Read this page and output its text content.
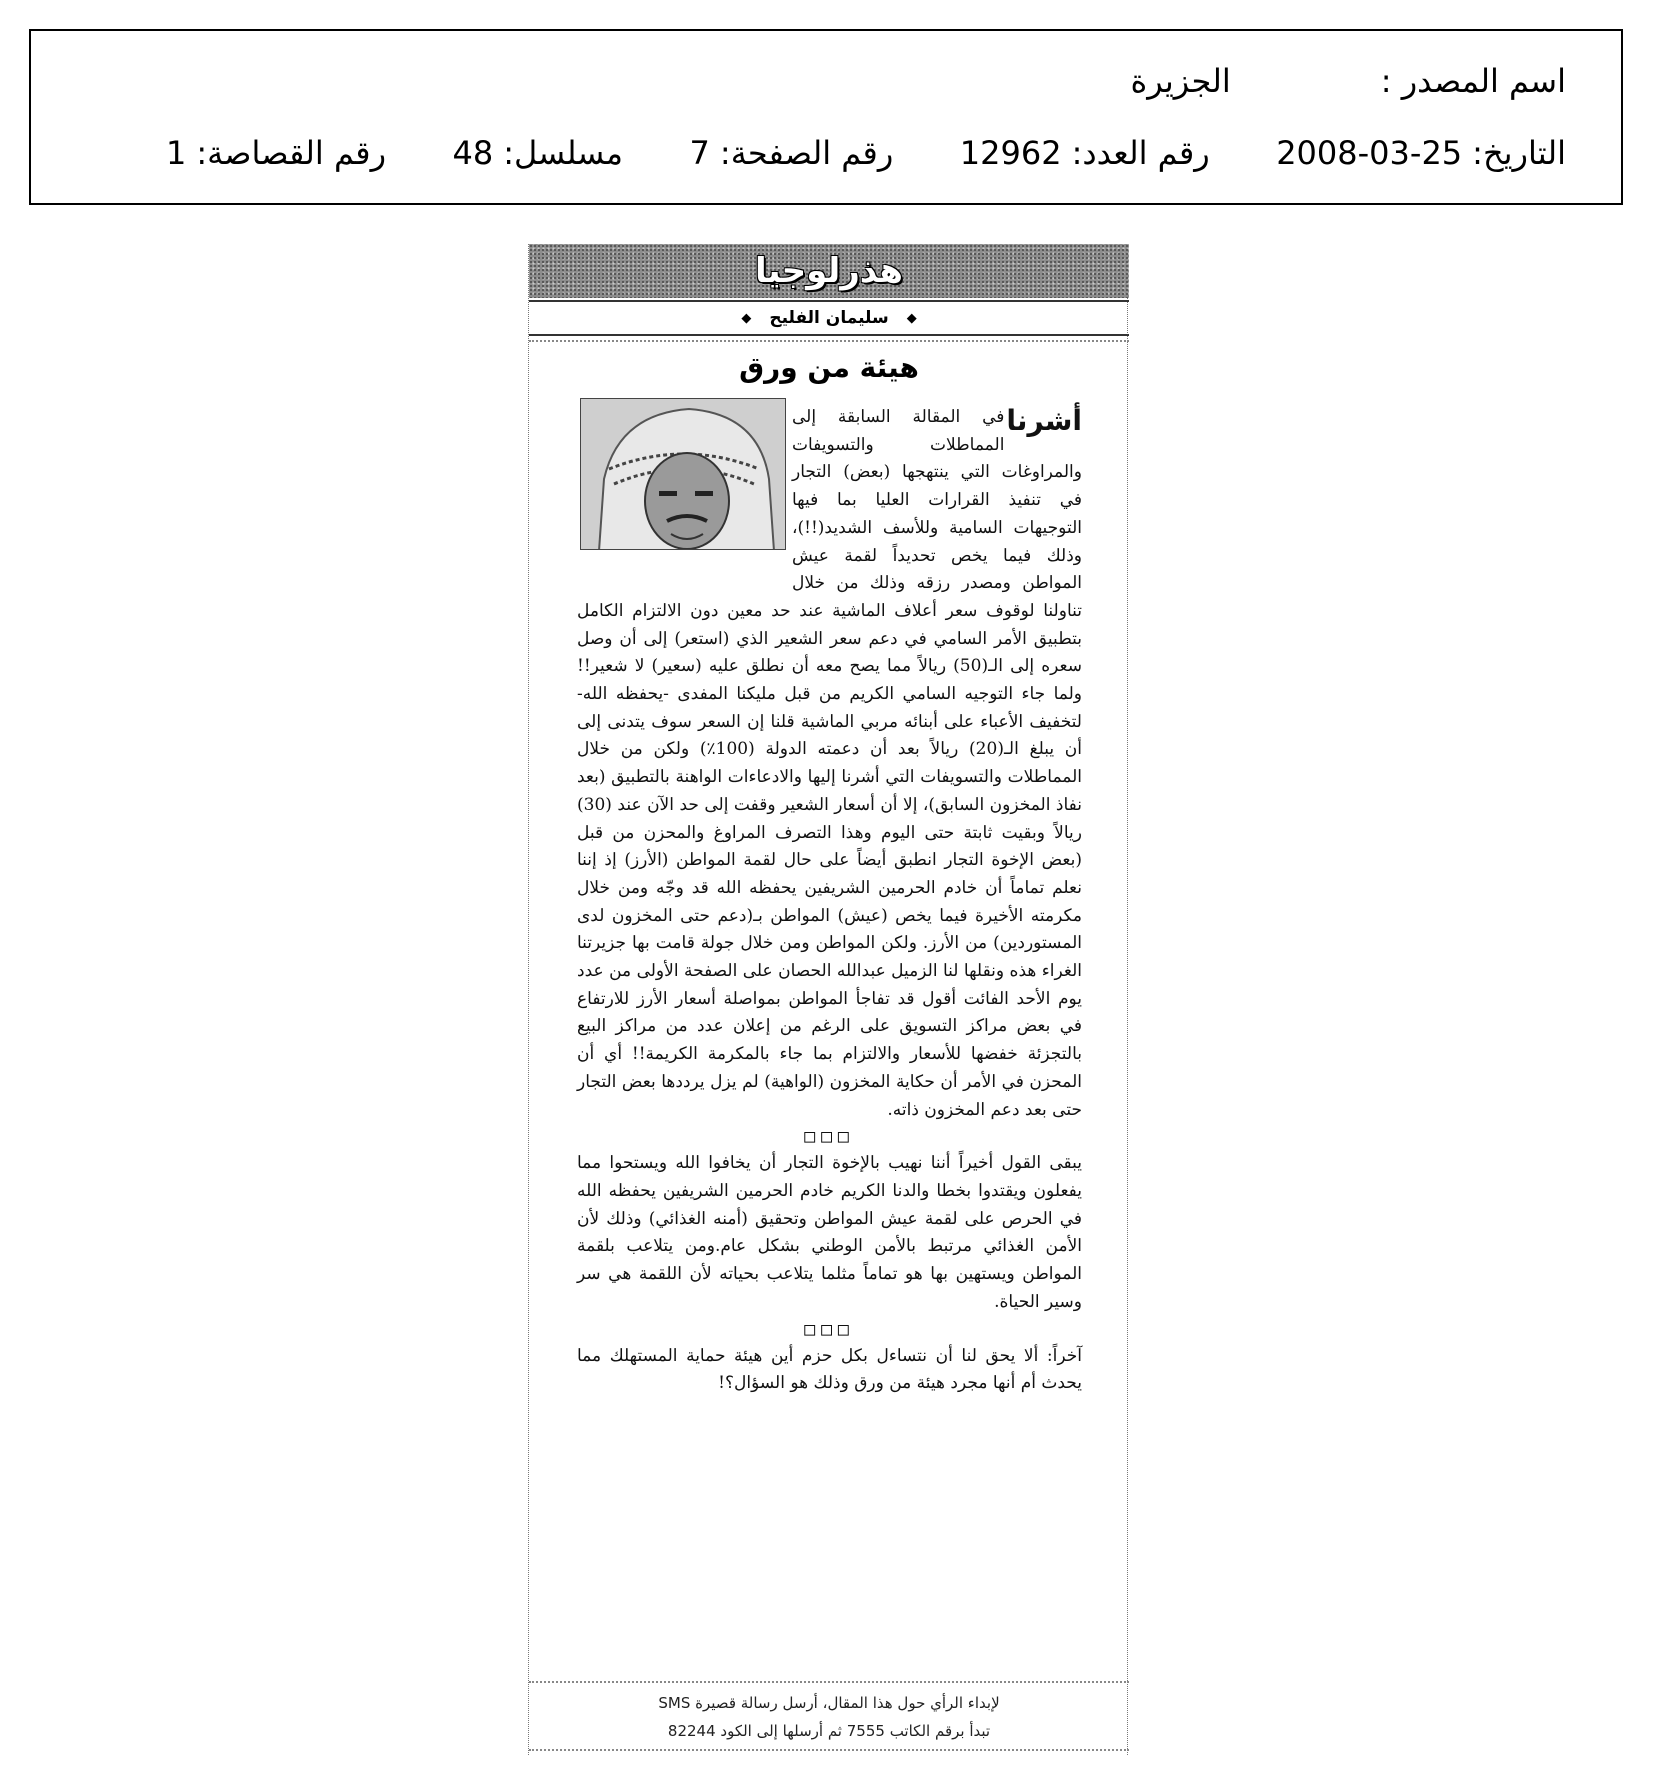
اسم المصدر :
الجزيرة
التاريخ:
2008-03-25
رقم العدد:
12962
رقم الصفحة:
7
مسلسل:
48
رقم القصاصة:
1
هذرلوجيا
◆
سليمان الفليح
◆
هيئة من ورق
أشرنا

في المقالة السابقة إلى المماطلات والتسويفات والمراوغات التي ينتهجها (بعض) التجار في تنفيذ القرارات العليا بما فيها التوجيهات السامية وللأسف الشديد(!!)، وذلك فيما يخص تحديداً لقمة عيش المواطن ومصدر رزقه وذلك من خلال تناولنا لوقوف سعر أعلاف الماشية عند حد معين دون الالتزام الكامل بتطبيق الأمر السامي في دعم سعر الشعير الذي (استعر) إلى أن وصل سعره إلى الـ(50) ريالاً مما يصح معه أن نطلق عليه (سعير) لا شعير!! ولما جاء التوجيه السامي الكريم من قبل مليكنا المفدى -يحفظه الله- لتخفيف الأعباء على أبنائه مربي الماشية قلنا إن السعر سوف يتدنى إلى أن يبلغ الـ(20) ريالاً بعد أن دعمته الدولة (100٪) ولكن من خلال المماطلات والتسويفات التي أشرنا إليها والادعاءات الواهنة بالتطبيق (بعد نفاذ المخزون السابق)، إلا أن أسعار الشعير وقفت إلى حد الآن عند (30) ريالاً وبقيت ثابتة حتى اليوم وهذا التصرف المراوغ والمحزن من قبل (بعض الإخوة التجار انطبق أيضاً على حال لقمة المواطن (الأرز) إذ إننا نعلم تماماً أن خادم الحرمين الشريفين يحفظه الله قد وجّه ومن خلال مكرمته الأخيرة فيما يخص (عيش) المواطن بـ(دعم حتى المخزون لدى المستوردين) من الأرز. ولكن المواطن ومن خلال جولة قامت بها جزيرتنا الغراء هذه ونقلها لنا الزميل عبدالله الحصان على الصفحة الأولى من عدد يوم الأحد الفائت أقول قد تفاجأ المواطن بمواصلة أسعار الأرز للارتفاع في بعض مراكز التسويق على الرغم من إعلان عدد من مراكز البيع بالتجزئة خفضها للأسعار والالتزام بما جاء بالمكرمة الكريمة!! أي أن المحزن في الأمر أن حكاية المخزون (الواهية) لم يزل يرددها بعض التجار حتى بعد دعم المخزون ذاته.

□□□

يبقى القول أخيراً أننا نهيب بالإخوة التجار أن يخافوا الله ويستحوا مما يفعلون ويقتدوا بخطا والدنا الكريم خادم الحرمين الشريفين يحفظه الله في الحرص على لقمة عيش المواطن وتحقيق (أمنه الغذائي) وذلك لأن الأمن الغذائي مرتبط بالأمن الوطني بشكل عام.ومن يتلاعب بلقمة المواطن ويستهين بها هو تماماً مثلما يتلاعب بحياته لأن اللقمة هي سر وسير الحياة.

□□□

آخراً: ألا يحق لنا أن نتساءل بكل حزم أين هيئة حماية المستهلك مما يحدث أم أنها مجرد هيئة من ورق وذلك هو السؤال؟!

لإبداء الرأي حول هذا المقال، أرسل رسالة قصيرة SMS
تبدأ برقم الكاتب 7555 ثم أرسلها إلى الكود 82244
